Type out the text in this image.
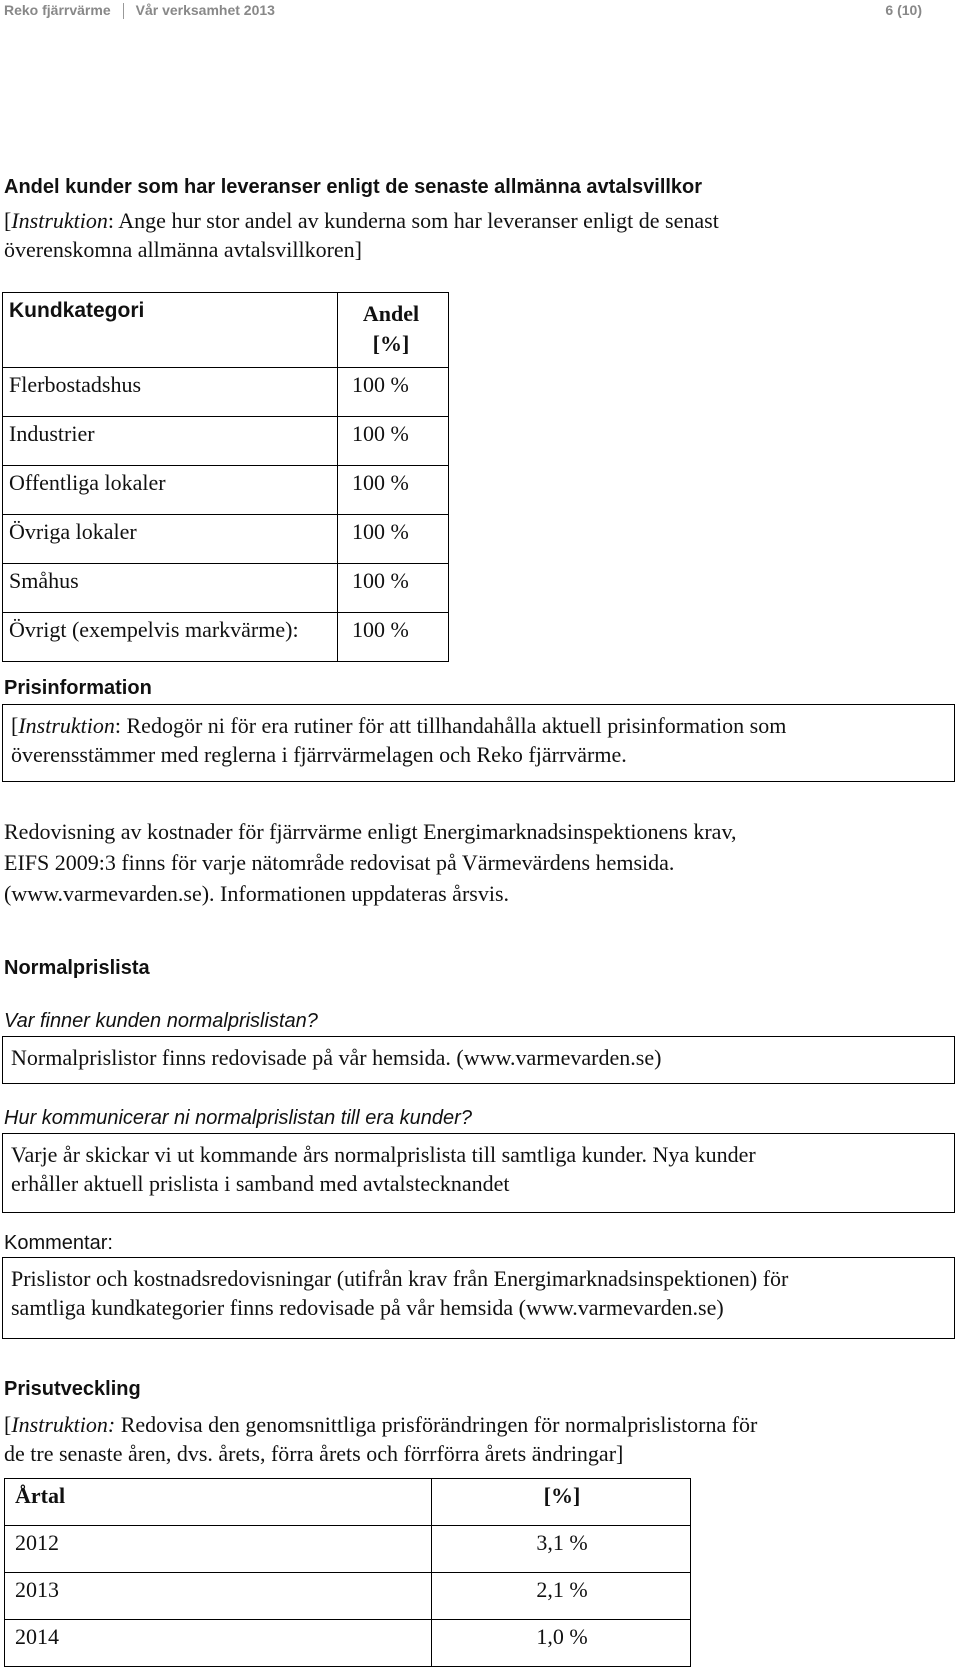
Reko fjärrvärme Vår verksamhet 2013	6 (10)
Andel kunder som har leveranser enligt de senaste allmänna avtalsvillkor
[Instruktion: Ange hur stor andel av kunderna som har leveranser enligt de senast
överenskomna allmänna avtalsvillkoren]
Kundkategori	Andel
[%]

Flerbostadshus	100 %
Industrier	100 %
Offentliga lokaler	100 %
Övriga lokaler	100 %
Småhus	100 %
Övrigt (exempelvis markvärme):	100 %
Prisinformation
[Instruktion: Redogör ni för era rutiner för att tillhandahålla aktuell prisinformation som
överensstämmer med reglerna i fjärrvärmelagen och Reko fjärrvärme.
Redovisning av kostnader för fjärrvärme enligt Energimarknadsinspektionens krav,
EIFS 2009:3 finns för varje nätområde redovisat på Värmevärdens hemsida.
(www.varmevarden.se). Informationen uppdateras årsvis.
Normalprislista
Var finner kunden normalprislistan?
Normalprislistor finns redovisade på vår hemsida. (www.varmevarden.se)
Hur kommunicerar ni normalprislistan till era kunder?
Varje år skickar vi ut kommande års normalprislista till samtliga kunder. Nya kunder
erhåller aktuell prislista i samband med avtalstecknandet
Kommentar:
Prislistor och kostnadsredovisningar (utifrån krav från Energimarknadsinspektionen) för
samtliga kundkategorier finns redovisade på vår hemsida (www.varmevarden.se)
Prisutveckling
[Instruktion: Redovisa den genomsnittliga prisförändringen för normalprislistorna för
de tre senaste åren, dvs. årets, förra årets och förrförra årets ändringar]
Årtal	[%]
2012	3,1 %
2013	2,1 %
2014	1,0 %
